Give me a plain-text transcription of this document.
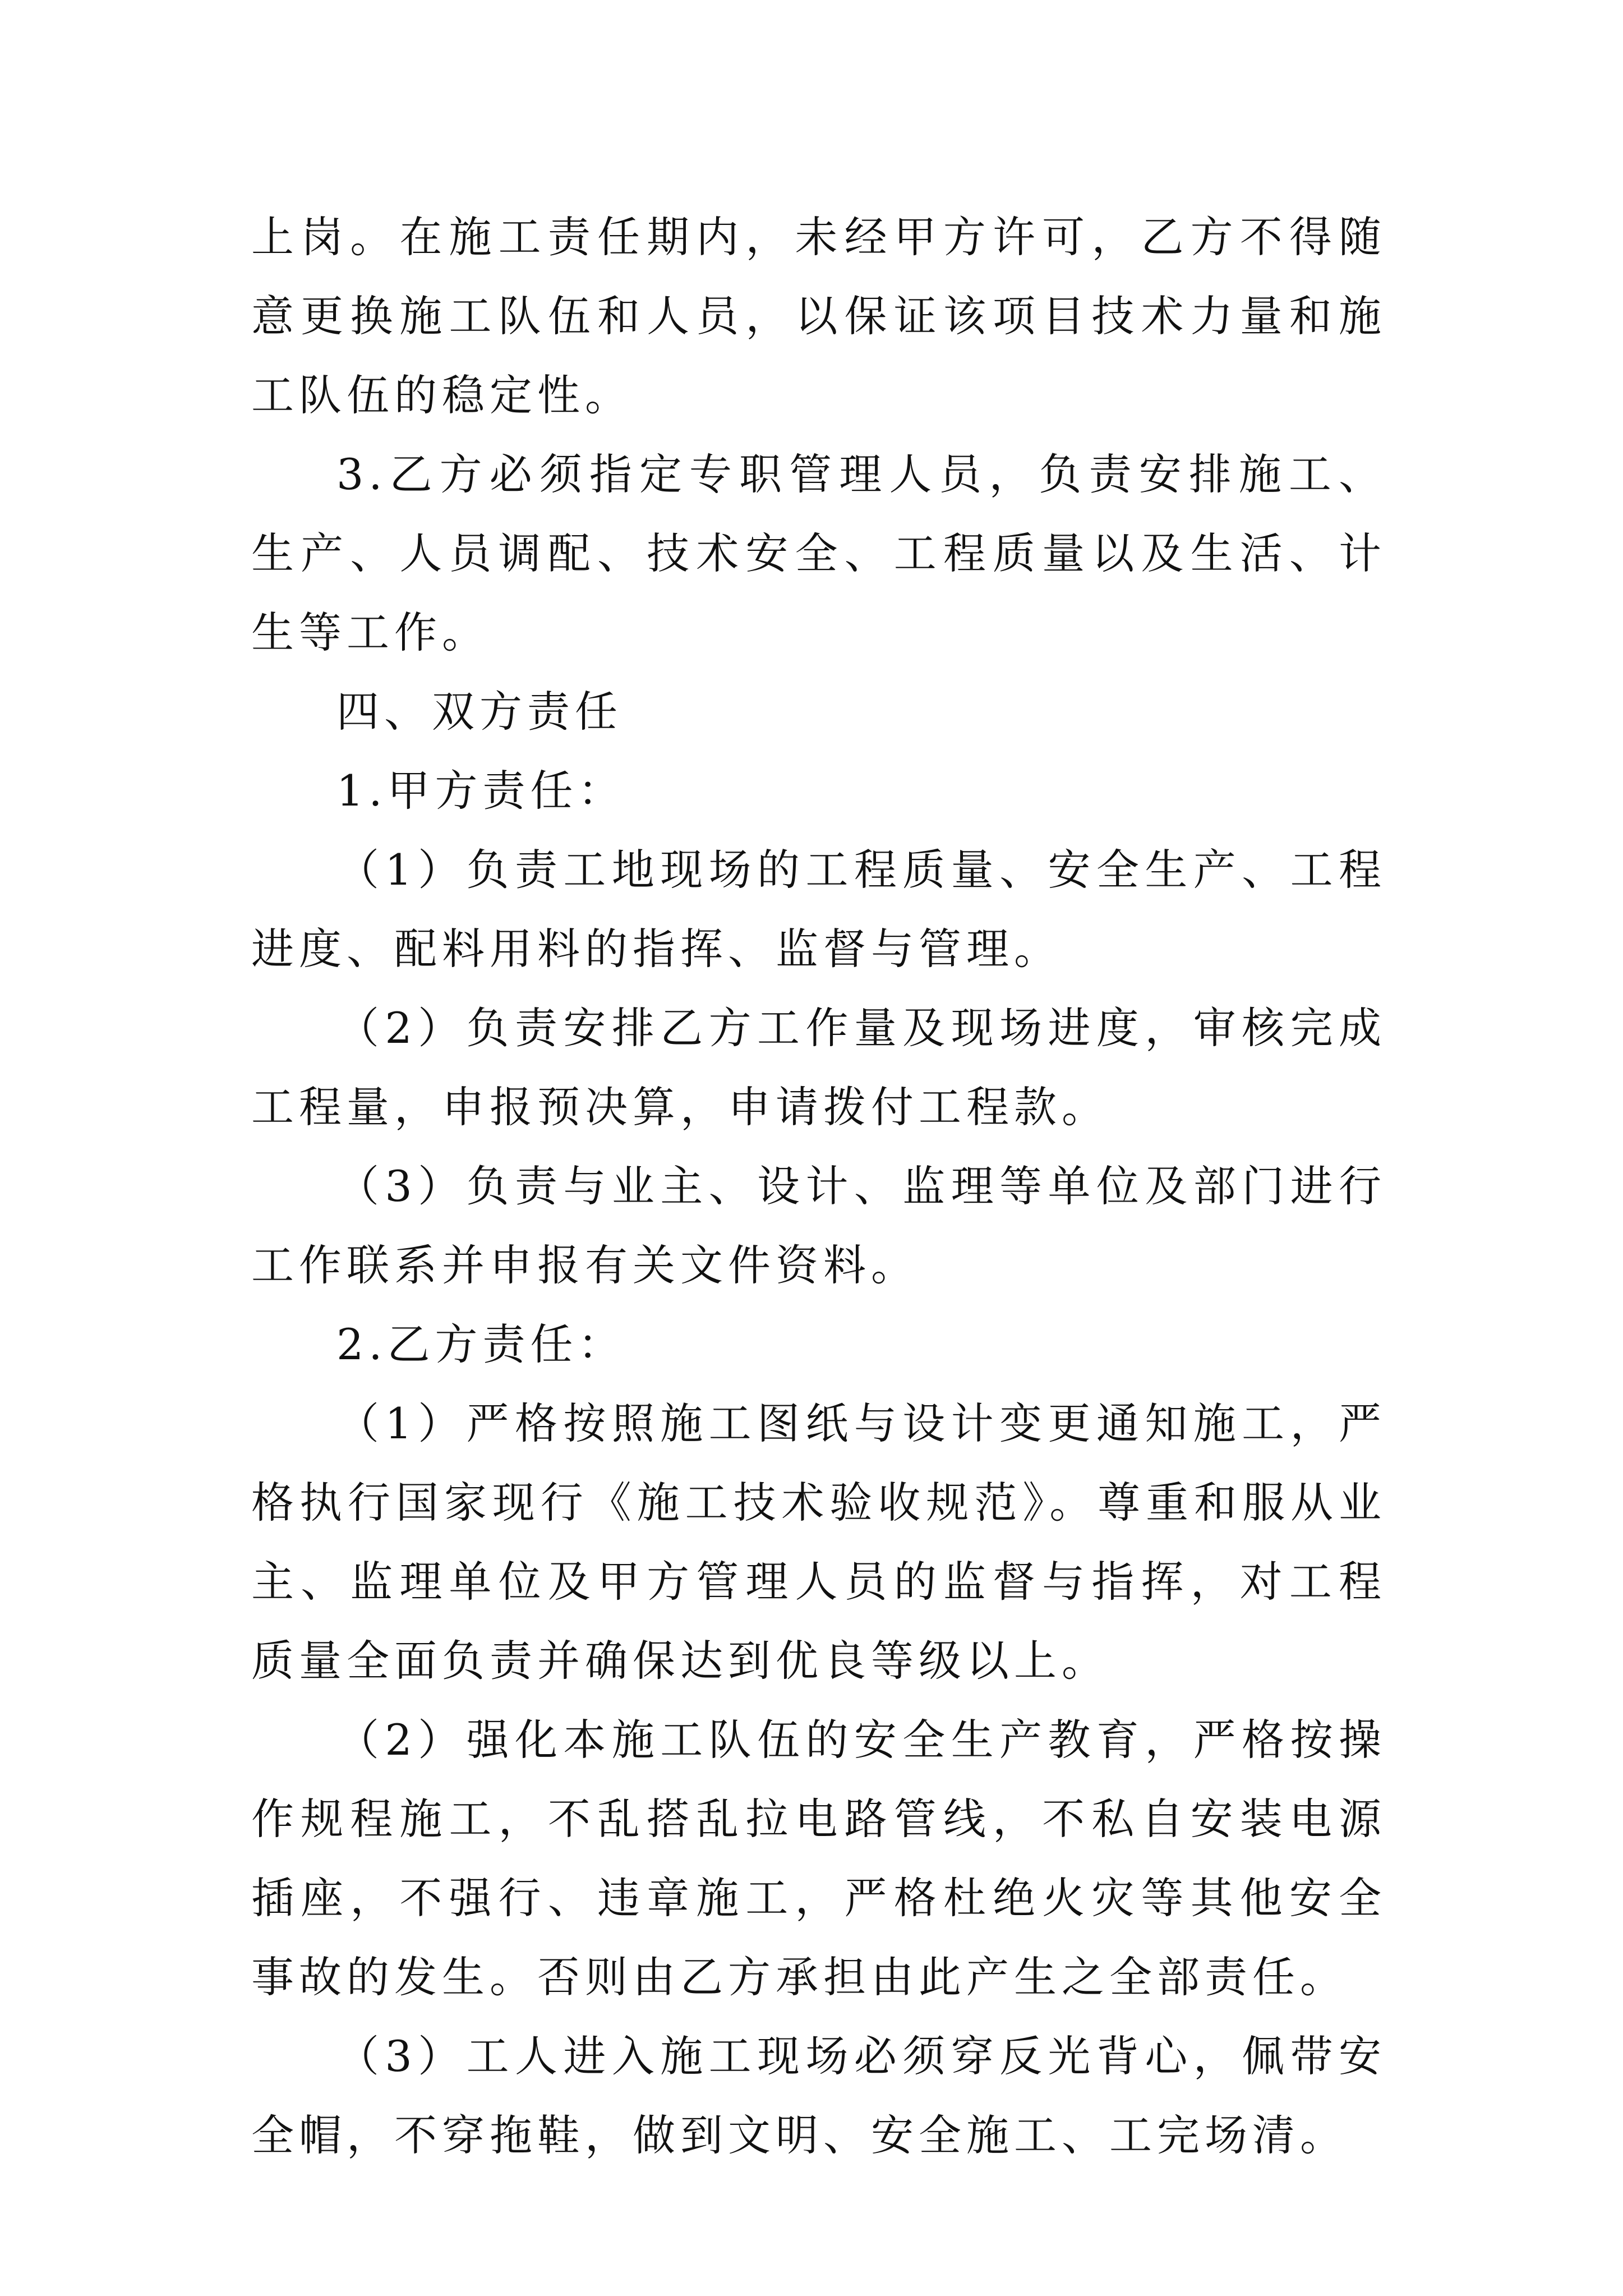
上岗。在施工责任期内，未经甲方许可，乙方不得随意更换施工队伍和人员，以保证该项目技术力量和施工队伍的稳定性。

3.乙方必须指定专职管理人员，负责安排施工、生产、人员调配、技术安全、工程质量以及生活、计生等工作。

四、双方责任

1.甲方责任：

（1）负责工地现场的工程质量、安全生产、工程进度、配料用料的指挥、监督与管理。

（2）负责安排乙方工作量及现场进度，审核完成工程量，申报预决算，申请拨付工程款。

（3）负责与业主、设计、监理等单位及部门进行工作联系并申报有关文件资料。

2.乙方责任：

（1）严格按照施工图纸与设计变更通知施工，严格执行国家现行《施工技术验收规范》。尊重和服从业主、监理单位及甲方管理人员的监督与指挥，对工程质量全面负责并确保达到优良等级以上。

（2）强化本施工队伍的安全生产教育，严格按操作规程施工，不乱搭乱拉电路管线，不私自安装电源插座，不强行、违章施工，严格杜绝火灾等其他安全事故的发生。否则由乙方承担由此产生之全部责任。

（3）工人进入施工现场必须穿反光背心，佩带安全帽，不穿拖鞋，做到文明、安全施工、工完场清。
